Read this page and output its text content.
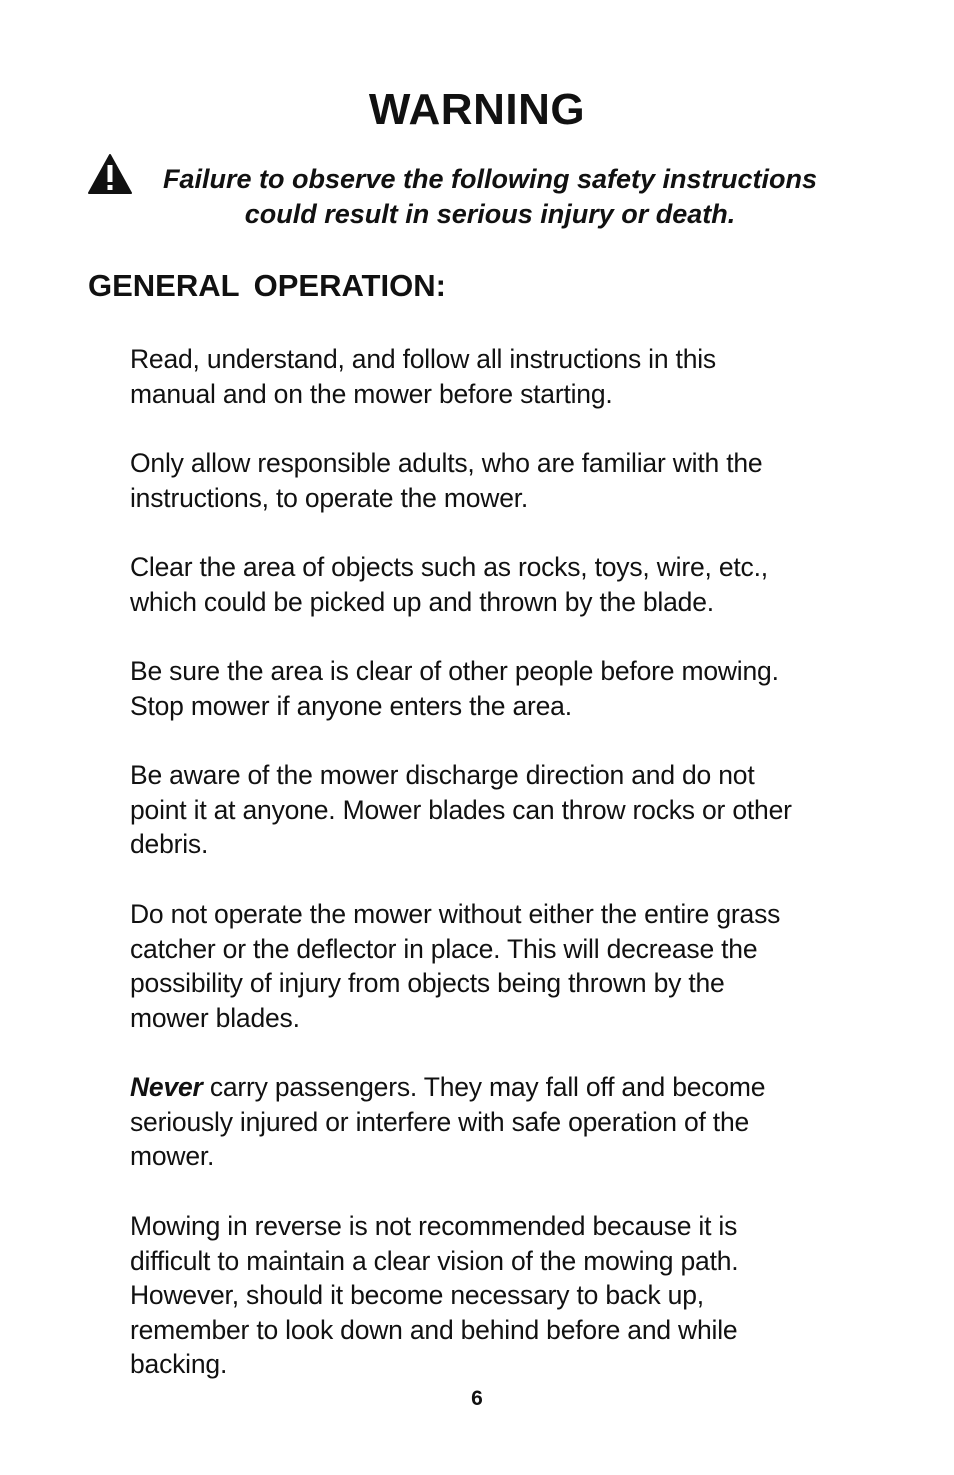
WARNING

Failure to observe the following safety instructions
could result in serious injury or death.

GENERAL OPERATION:

Read, understand, and follow all instructions in this
manual and on the mower before starting.

Only allow responsible adults, who are familiar with the
instructions, to operate the mower.

Clear the area of objects such as rocks, toys, wire, etc.,
which could be picked up and thrown by the blade.

Be sure the area is clear of other people before mowing.
Stop mower if anyone enters the area.

Be aware of the mower discharge direction and do not
point it at anyone. Mower blades can throw rocks or other
debris.

Do not operate the mower without either the entire grass
catcher or the deflector in place. This will decrease the
possibility of injury from objects being thrown by the
mower blades.

Never carry passengers. They may fall off and become
seriously injured or interfere with safe operation of the
mower.

Mowing in reverse is not recommended because it is
difficult to maintain a clear vision of the mowing path.
However, should it become necessary to back up,
remember to look down and behind before and while
backing.

6
